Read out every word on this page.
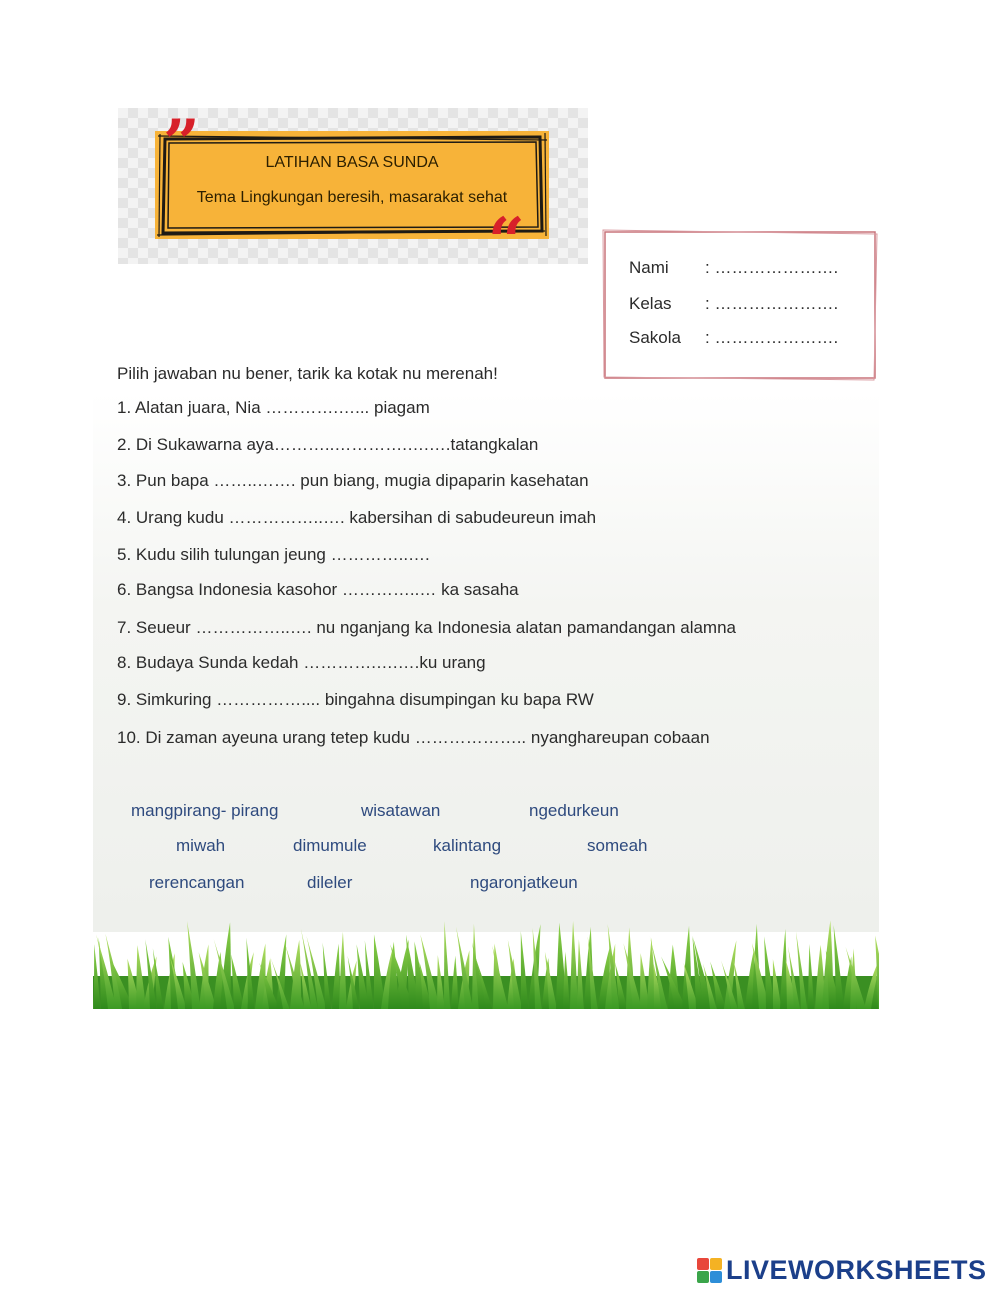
”
“
LATIHAN BASA SUNDA
Tema Lingkungan beresih, masarakat sehat
Nami : ………………….
Kelas : ………………….
Sakola : ………………….
Pilih jawaban nu bener, tarik ka kotak nu merenah!
1. Alatan juara, Nia ………….…... piagam
2. Di Sukawarna aya………..………….….….tatangkalan
3. Pun bapa ……..……. pun biang, mugia dipaparin kasehatan
4. Urang kudu ……………..…. kabersihan di sabudeureun imah
5. Kudu silih tulungan jeung …………..….
6. Bangsa Indonesia kasohor …………..… ka sasaha
7. Seueur ……………..…. nu nganjang ka Indonesia alatan pamandangan alamna
8. Budaya Sunda kedah ………….….….ku urang
9. Simkuring …………….... bingahna disumpingan ku bapa RW
10. Di zaman ayeuna urang tetep kudu ……………….. nyanghareupan cobaan
mangpirang- pirang	wisatawan	ngedurkeun
miwah	dimumule	kalintang	someah
rerencangan	dileler	ngaronjatkeun
LIVEWORKSHEETS
